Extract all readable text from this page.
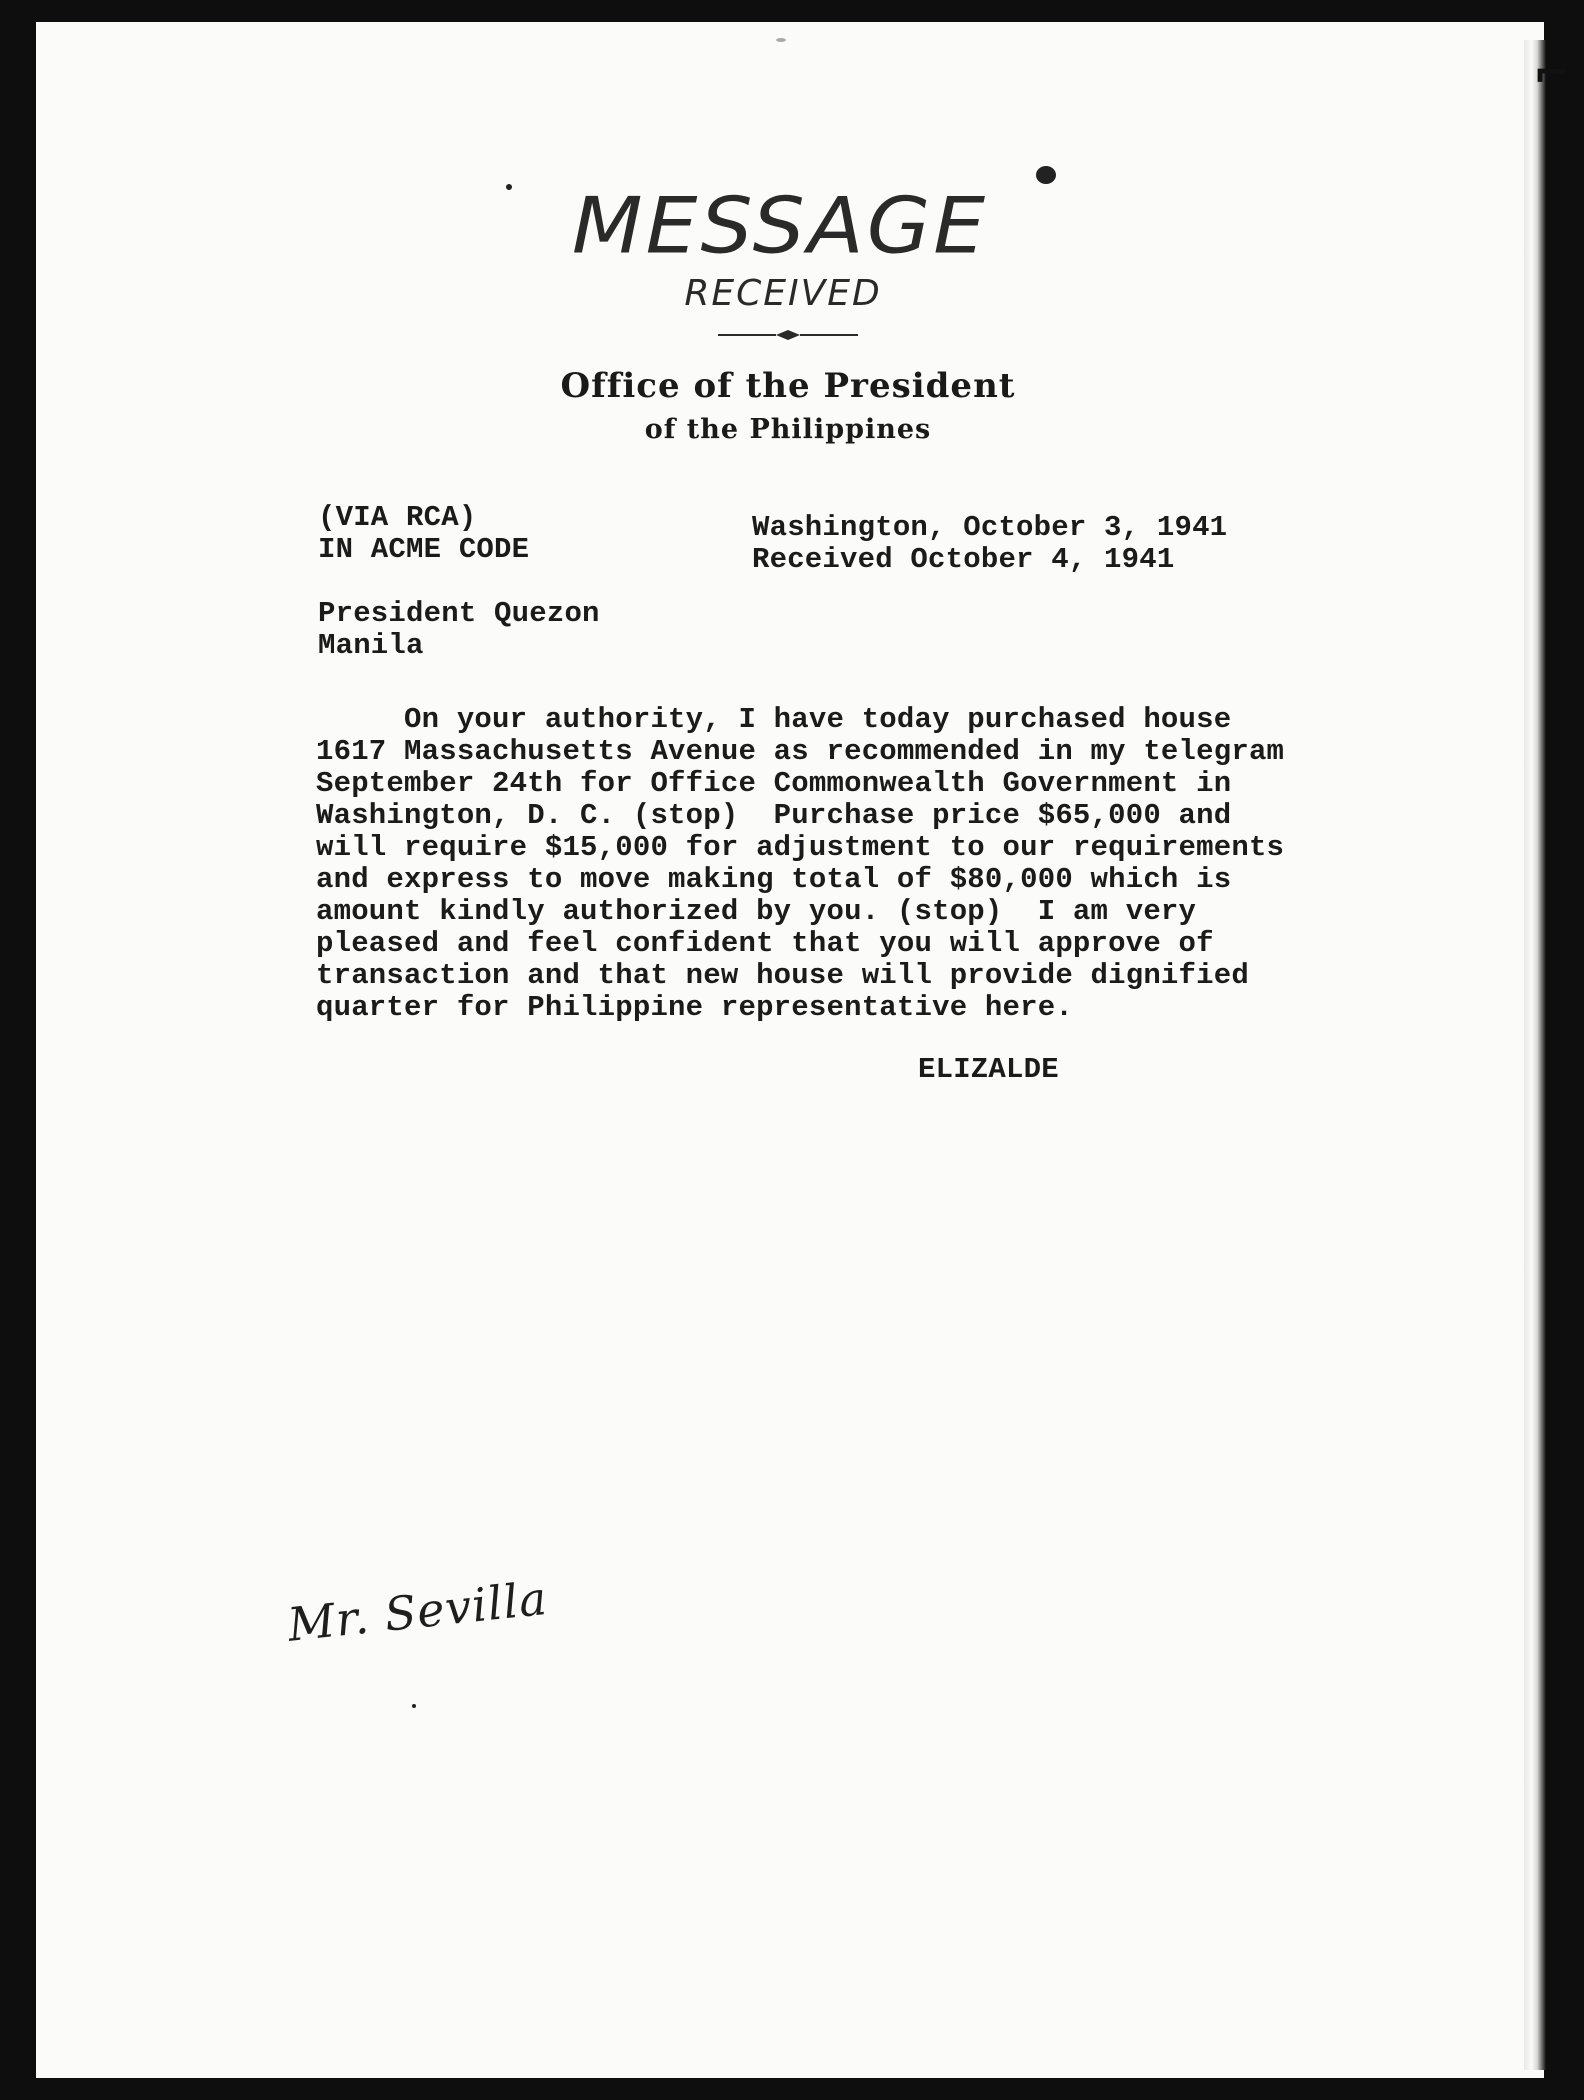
⌐
MESSAGE
RECEIVED
Office of the President
of the Philippines
(VIA RCA)
IN ACME CODE
Washington, October 3, 1941
Received October 4, 1941
President Quezon
Manila
On your authority, I have today purchased house
1617 Massachusetts Avenue as recommended in my telegram
September 24th for Office Commonwealth Government in
Washington, D. C. (stop)  Purchase price $65,000 and
will require $15,000 for adjustment to our requirements
and express to move making total of $80,000 which is
amount kindly authorized by you. (stop)  I am very
pleased and feel confident that you will approve of
transaction and that new house will provide dignified
quarter for Philippine representative here.
ELIZALDE
Mr. Sevilla
